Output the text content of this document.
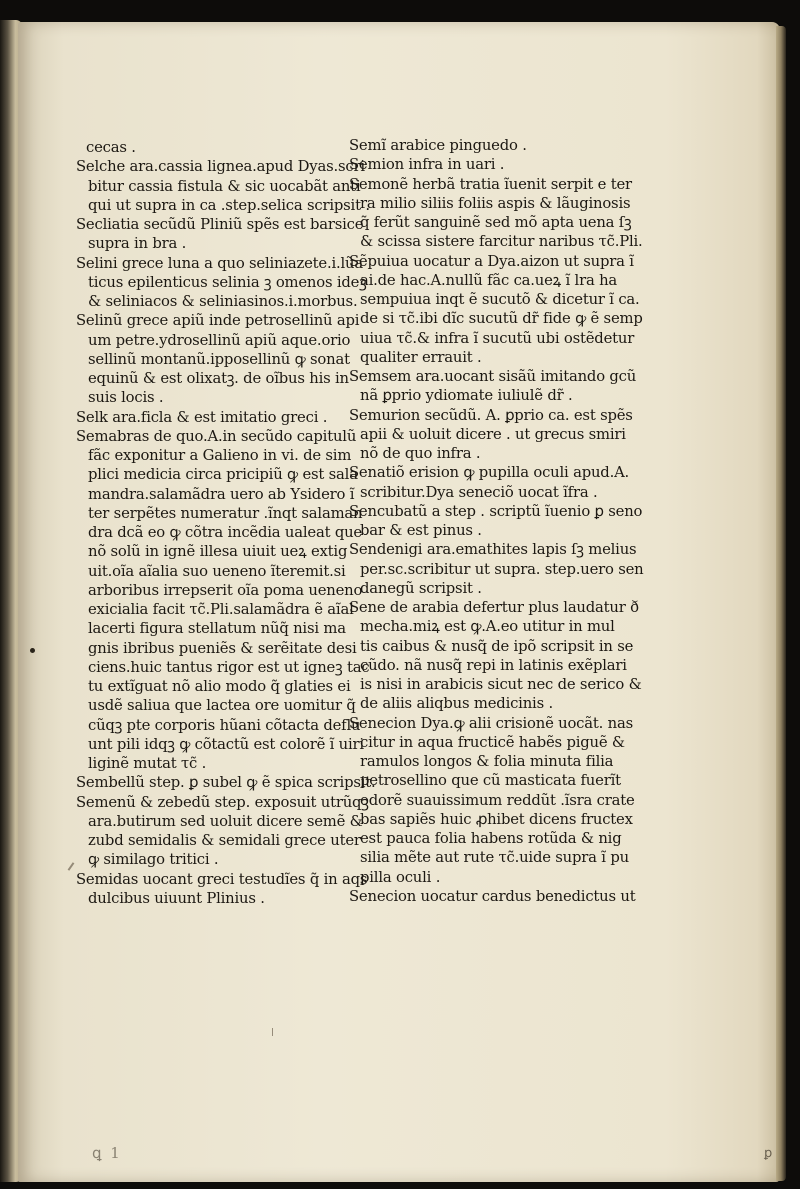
cecas .
Selche ara.cassia lignea.apud Dyas.scri
bitur cassia fistula & sic uocabãt anti
qui ut supra in ca .step.selica scripsit .
Secliatia secũdũ Pliniũ spẽs est barsice
supra in bra .
Selini grece luna a quo seliniazete.i.lũa
ticus epilenticus selinia ꝫ omenos ideꝫ
& seliniacos & seliniasinos.i.morbus.
Selinũ grece apiũ inde petrosellinũ api
um petre.ydrosellinũ apiũ aque.orio
sellinũ montanũ.ipposellinũ ꝙ sonat
equinũ & est olixatꝫ. de oĩbus his in
suis locis .
Selk ara.ficla & est imitatio greci .
Semabras de quo.A.in secũdo capitulũ
fãc exponitur a Galieno in vi. de sim
plici medicia circa pricipiũ ꝙ est sala
mandra.salamãdra uero ab Ysidero ĩ
ter serpẽtes numeratur .ĩnqt salaman
dra dcã eo ꝙ cõtra incẽdia ualeat que
nõ solũ in ignẽ illesa uiuit ueꝝ extig
uit.oĩa aĩalia suo ueneno ĩteremit.si
arboribus irrepserit oĩa poma ueneno
exicialia facit τc̃.Pli.salamãdra ẽ aĩal
lacerti figura stellatum nũq̃ nisi ma
gnis ibribus pueniẽs & serẽitate desi
ciens.huic tantus rigor est ut igneꝫ tac
tu extĩguat nõ alio modo q̃ glaties ei
usdẽ saliua que lactea ore uomitur q̃
cũqꝫ pte corporis hũani cõtacta deflu
unt pili idqꝫ ꝙ cõtactũ est colorẽ ĩ uiri
liginẽ mutat τc̃ .
Sembellũ step. ꝑ subel ꝙ ẽ spica scripsit.
Semenũ & zebedũ step. exposuit utrũqꝫ
ara.butirum sed uoluit dicere semẽ &
zubd semidalis & semidali grece uter
ꝙ similago tritici .
Semidas uocant greci testudĩes q̃ in aqs
dulcibus uiuunt Plinius .
Semĩ arabice pinguedo .
Semion infra in uari .
Semonẽ herbã tratia ĩuenit serpit e ter
ra milio siliis foliis aspis & lãuginosis
q̃ ferũt sanguinẽ sed mõ apta uena ſꝫ
& scissa sistere farcitur naribus τc̃.Pli.
Sẽpuiua uocatur a Dya.aizon ut supra ĩ
ai.de hac.A.nullũ fãc ca.ueꝝ ĩ lra ha
sempuiua inqt ẽ sucutõ & dicetur ĩ ca.
de si τc̃.ibi dĩc sucutũ dr̃ fide ꝙ ẽ semp
uiua τc̃.& infra ĩ sucutũ ubi ostẽdetur
qualiter errauit .
Semsem ara.uocant sisãũ imitando gcũ
nã ꝑprio ydiomate iuliulẽ dr̃ .
Semurion secũdũ. A. ꝑprio ca. est spẽs
apii & uoluit dicere . ut grecus smiri
nõ de quo infra .
Senatiõ erision ꝙ pupilla oculi apud.A.
scribitur.Dya seneciõ uocat ĩfra .
Sencubatũ a step . scriptũ ĩuenio ꝑ seno
bar & est pinus .
Sendenigi ara.emathites lapis ſꝫ melius
per.sc.scribitur ut supra. step.uero sen
danegũ scripsit .
Sene de arabia defertur plus laudatur ð
mecha.miꝝ est ꝙ.A.eo utitur in mul
tis caibus & nusq̃ de ipõ scripsit in se
cũdo. nã nusq̃ repi in latinis exẽplari
is nisi in arabicis sicut nec de serico &
de aliis aliqbus medicinis .
Senecion Dya.ꝙ alii crisionẽ uocãt. nas
citur in aqua fructicẽ habẽs piguẽ &
ramulos longos & folia minuta filia
petrosellino que cũ masticata fuerĩt
odorẽ suauissimum reddũt .ĩsra crate
bas sapiẽs huic ꝓhibet dicens fructex
est pauca folia habens rotũda & nig
silia mẽte aut rute τc̃.uide supra ĩ pu
pilla oculi .
Senecion uocatur cardus benedictus ut
ꝗ 1	ꝑ
